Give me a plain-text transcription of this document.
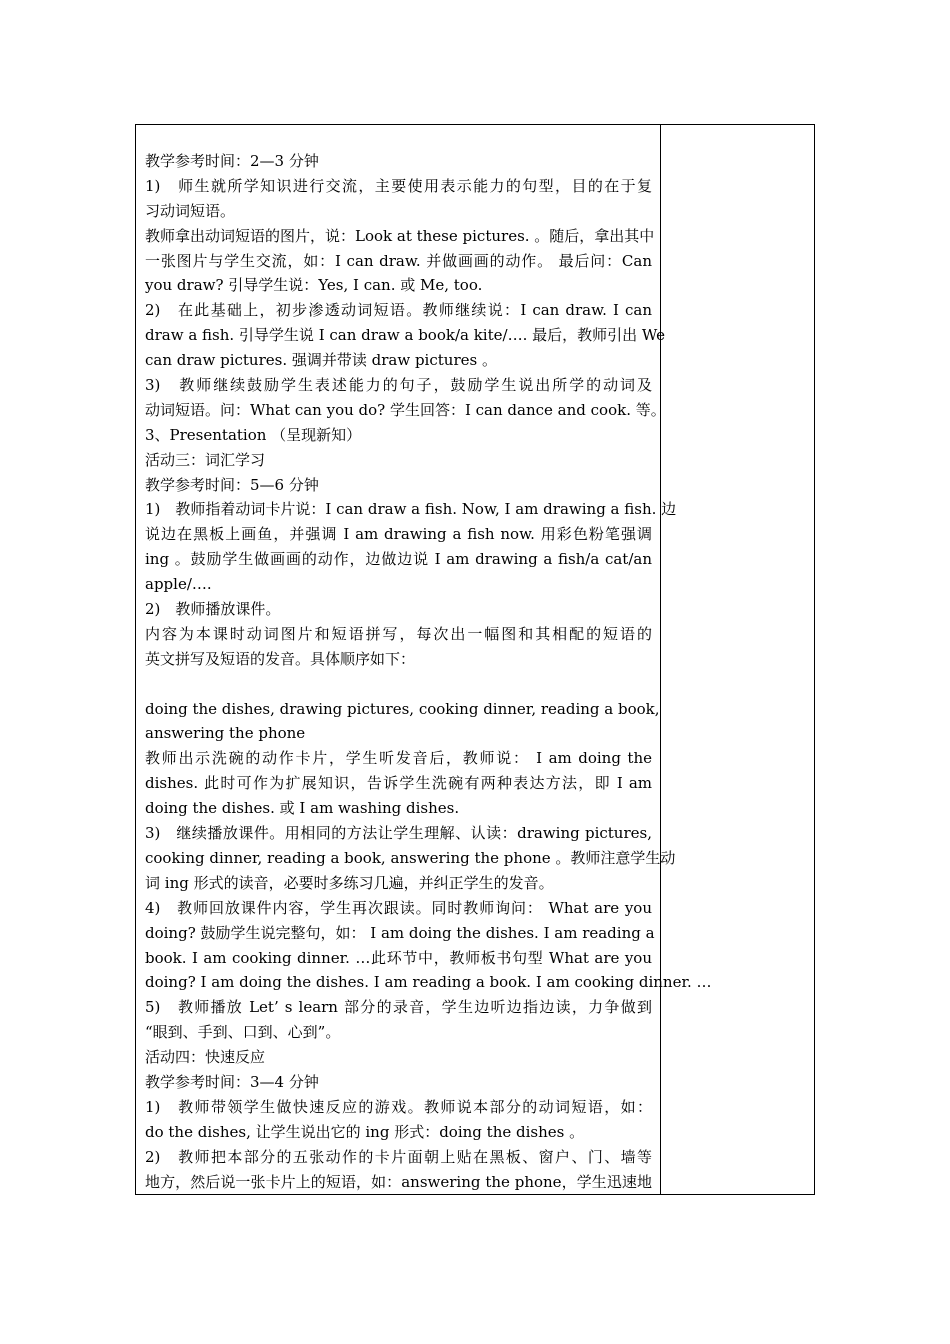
教学参考时间：2—3 分钟
1)　师生就所学知识进行交流，主要使用表示能力的句型，目的在于复
习动词短语。
教师拿出动词短语的图片，说：Look at these pictures. 。随后，拿出其中
一张图片与学生交流，如：I can draw. 并做画画的动作。 最后问：Can
you draw? 引导学生说：Yes, I can. 或 Me, too.
2)　在此基础上，初步渗透动词短语。教师继续说：I can draw. I can
draw a fish. 引导学生说 I can draw a book/a kite/…. 最后，教师引出 We
can draw pictures. 强调并带读 draw pictures 。
3)　教师继续鼓励学生表述能力的句子，鼓励学生说出所学的动词及
动词短语。问：What can you do? 学生回答：I can dance and cook. 等。
3、Presentation （呈现新知）
活动三：词汇学习
教学参考时间：5—6 分钟
1)　教师指着动词卡片说：I can draw a fish. Now, I am drawing a fish. 边
说边在黑板上画鱼，并强调 I am drawing a fish now. 用彩色粉笔强调
ing 。鼓励学生做画画的动作，边做边说 I am drawing a fish/a cat/an
apple/….
2)　教师播放课件。
内容为本课时动词图片和短语拼写，每次出一幅图和其相配的短语的
英文拼写及短语的发音。具体顺序如下：
doing the dishes, drawing pictures, cooking dinner, reading a book,
answering the phone
教师出示洗碗的动作卡片，学生听发音后，教师说： I am doing the
dishes. 此时可作为扩展知识，告诉学生洗碗有两种表达方法，即 I am
doing the dishes. 或 I am washing dishes.
3)　继续播放课件。用相同的方法让学生理解、认读：drawing pictures,
cooking dinner, reading a book, answering the phone 。教师注意学生动
词 ing 形式的读音，必要时多练习几遍，并纠正学生的发音。
4)　教师回放课件内容，学生再次跟读。同时教师询问： What are you
doing? 鼓励学生说完整句，如： I am doing the dishes. I am reading a
book. I am cooking dinner. …此环节中，教师板书句型 What are you
doing? I am doing the dishes. I am reading a book. I am cooking dinner. …
5)　教师播放 Let’ s learn 部分的录音，学生边听边指边读，力争做到
“眼到、手到、口到、心到”。
活动四：快速反应
教学参考时间：3—4 分钟
1)　教师带领学生做快速反应的游戏。教师说本部分的动词短语，如：
do the dishes, 让学生说出它的 ing 形式：doing the dishes 。
2)　教师把本部分的五张动作的卡片面朝上贴在黑板、窗户、门、墙等
地方，然后说一张卡片上的短语，如：answering the phone，学生迅速地
